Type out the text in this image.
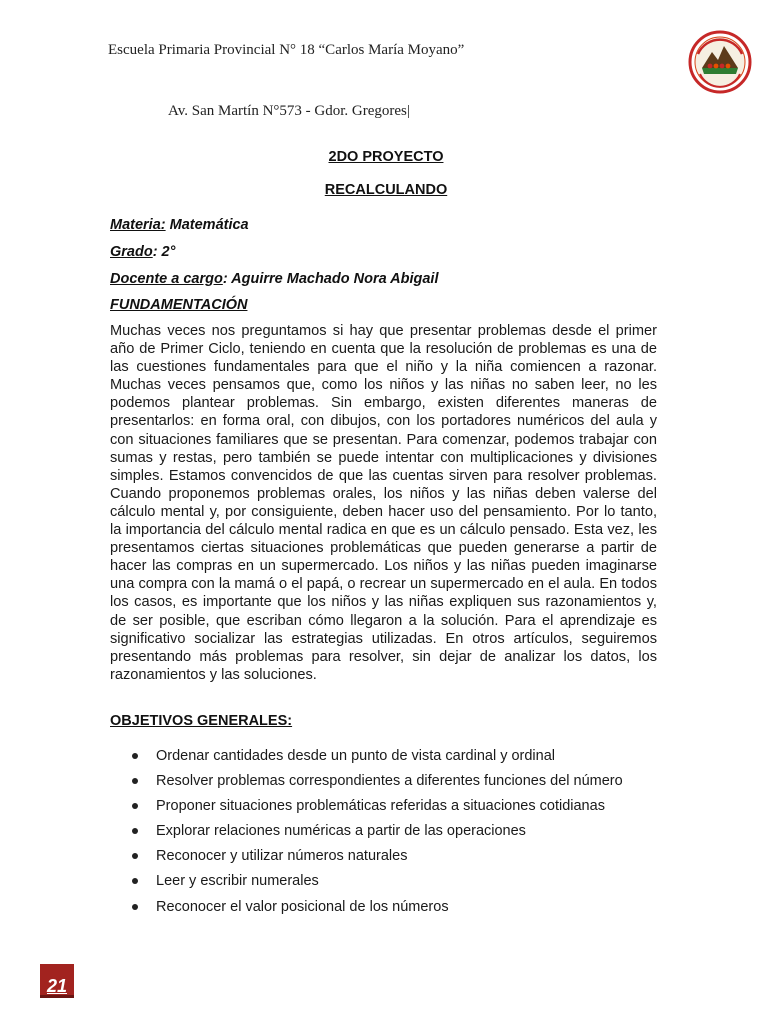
Escuela Primaria Provincial N° 18 “Carlos María Moyano”
Av. San Martín N°573 - Gdor. Gregores|
2DO PROYECTO
RECALCULANDO
Materia: Matemática
Grado: 2°
Docente a cargo: Aguirre Machado Nora Abigail
FUNDAMENTACIÓN

Muchas veces nos preguntamos si hay que presentar problemas desde el primer año de Primer Ciclo, teniendo en cuenta que la resolución de problemas es una de las cuestiones fundamentales para que el niño y la niña comiencen a razonar. Muchas veces pensamos que, como los niños y las niñas no saben leer, no les podemos plantear problemas. Sin embargo, existen diferentes maneras de presentarlos: en forma oral, con dibujos, con los portadores numéricos del aula y con situaciones familiares que se presentan. Para comenzar, podemos trabajar con sumas y restas, pero también se puede intentar con multiplicaciones y divisiones simples. Estamos convencidos de que las cuentas sirven para resolver problemas. Cuando proponemos problemas orales, los niños y las niñas deben valerse del cálculo mental y, por consiguiente, deben hacer uso del pensamiento. Por lo tanto, la importancia del cálculo mental radica en que es un cálculo pensado. Esta vez, les presentamos ciertas situaciones problemáticas que pueden generarse a partir de hacer las compras en un supermercado. Los niños y las niñas pueden imaginarse una compra con la mamá o el papá, o recrear un supermercado en el aula. En todos los casos, es importante que los niños y las niñas expliquen sus razonamientos y, de ser posible, que escriban cómo llegaron a la solución. Para el aprendizaje es significativo socializar las estrategias utilizadas. En otros artículos, seguiremos presentando más problemas para resolver, sin dejar de analizar los datos, los razonamientos y las soluciones.

OBJETIVOS GENERALES:
Ordenar cantidades desde un punto de vista cardinal y ordinal
Resolver problemas correspondientes a diferentes funciones del número
Proponer situaciones problemáticas referidas a situaciones cotidianas
Explorar relaciones numéricas a partir de las operaciones
Reconocer y utilizar números naturales
Leer y escribir numerales
Reconocer el valor posicional de los números
21
